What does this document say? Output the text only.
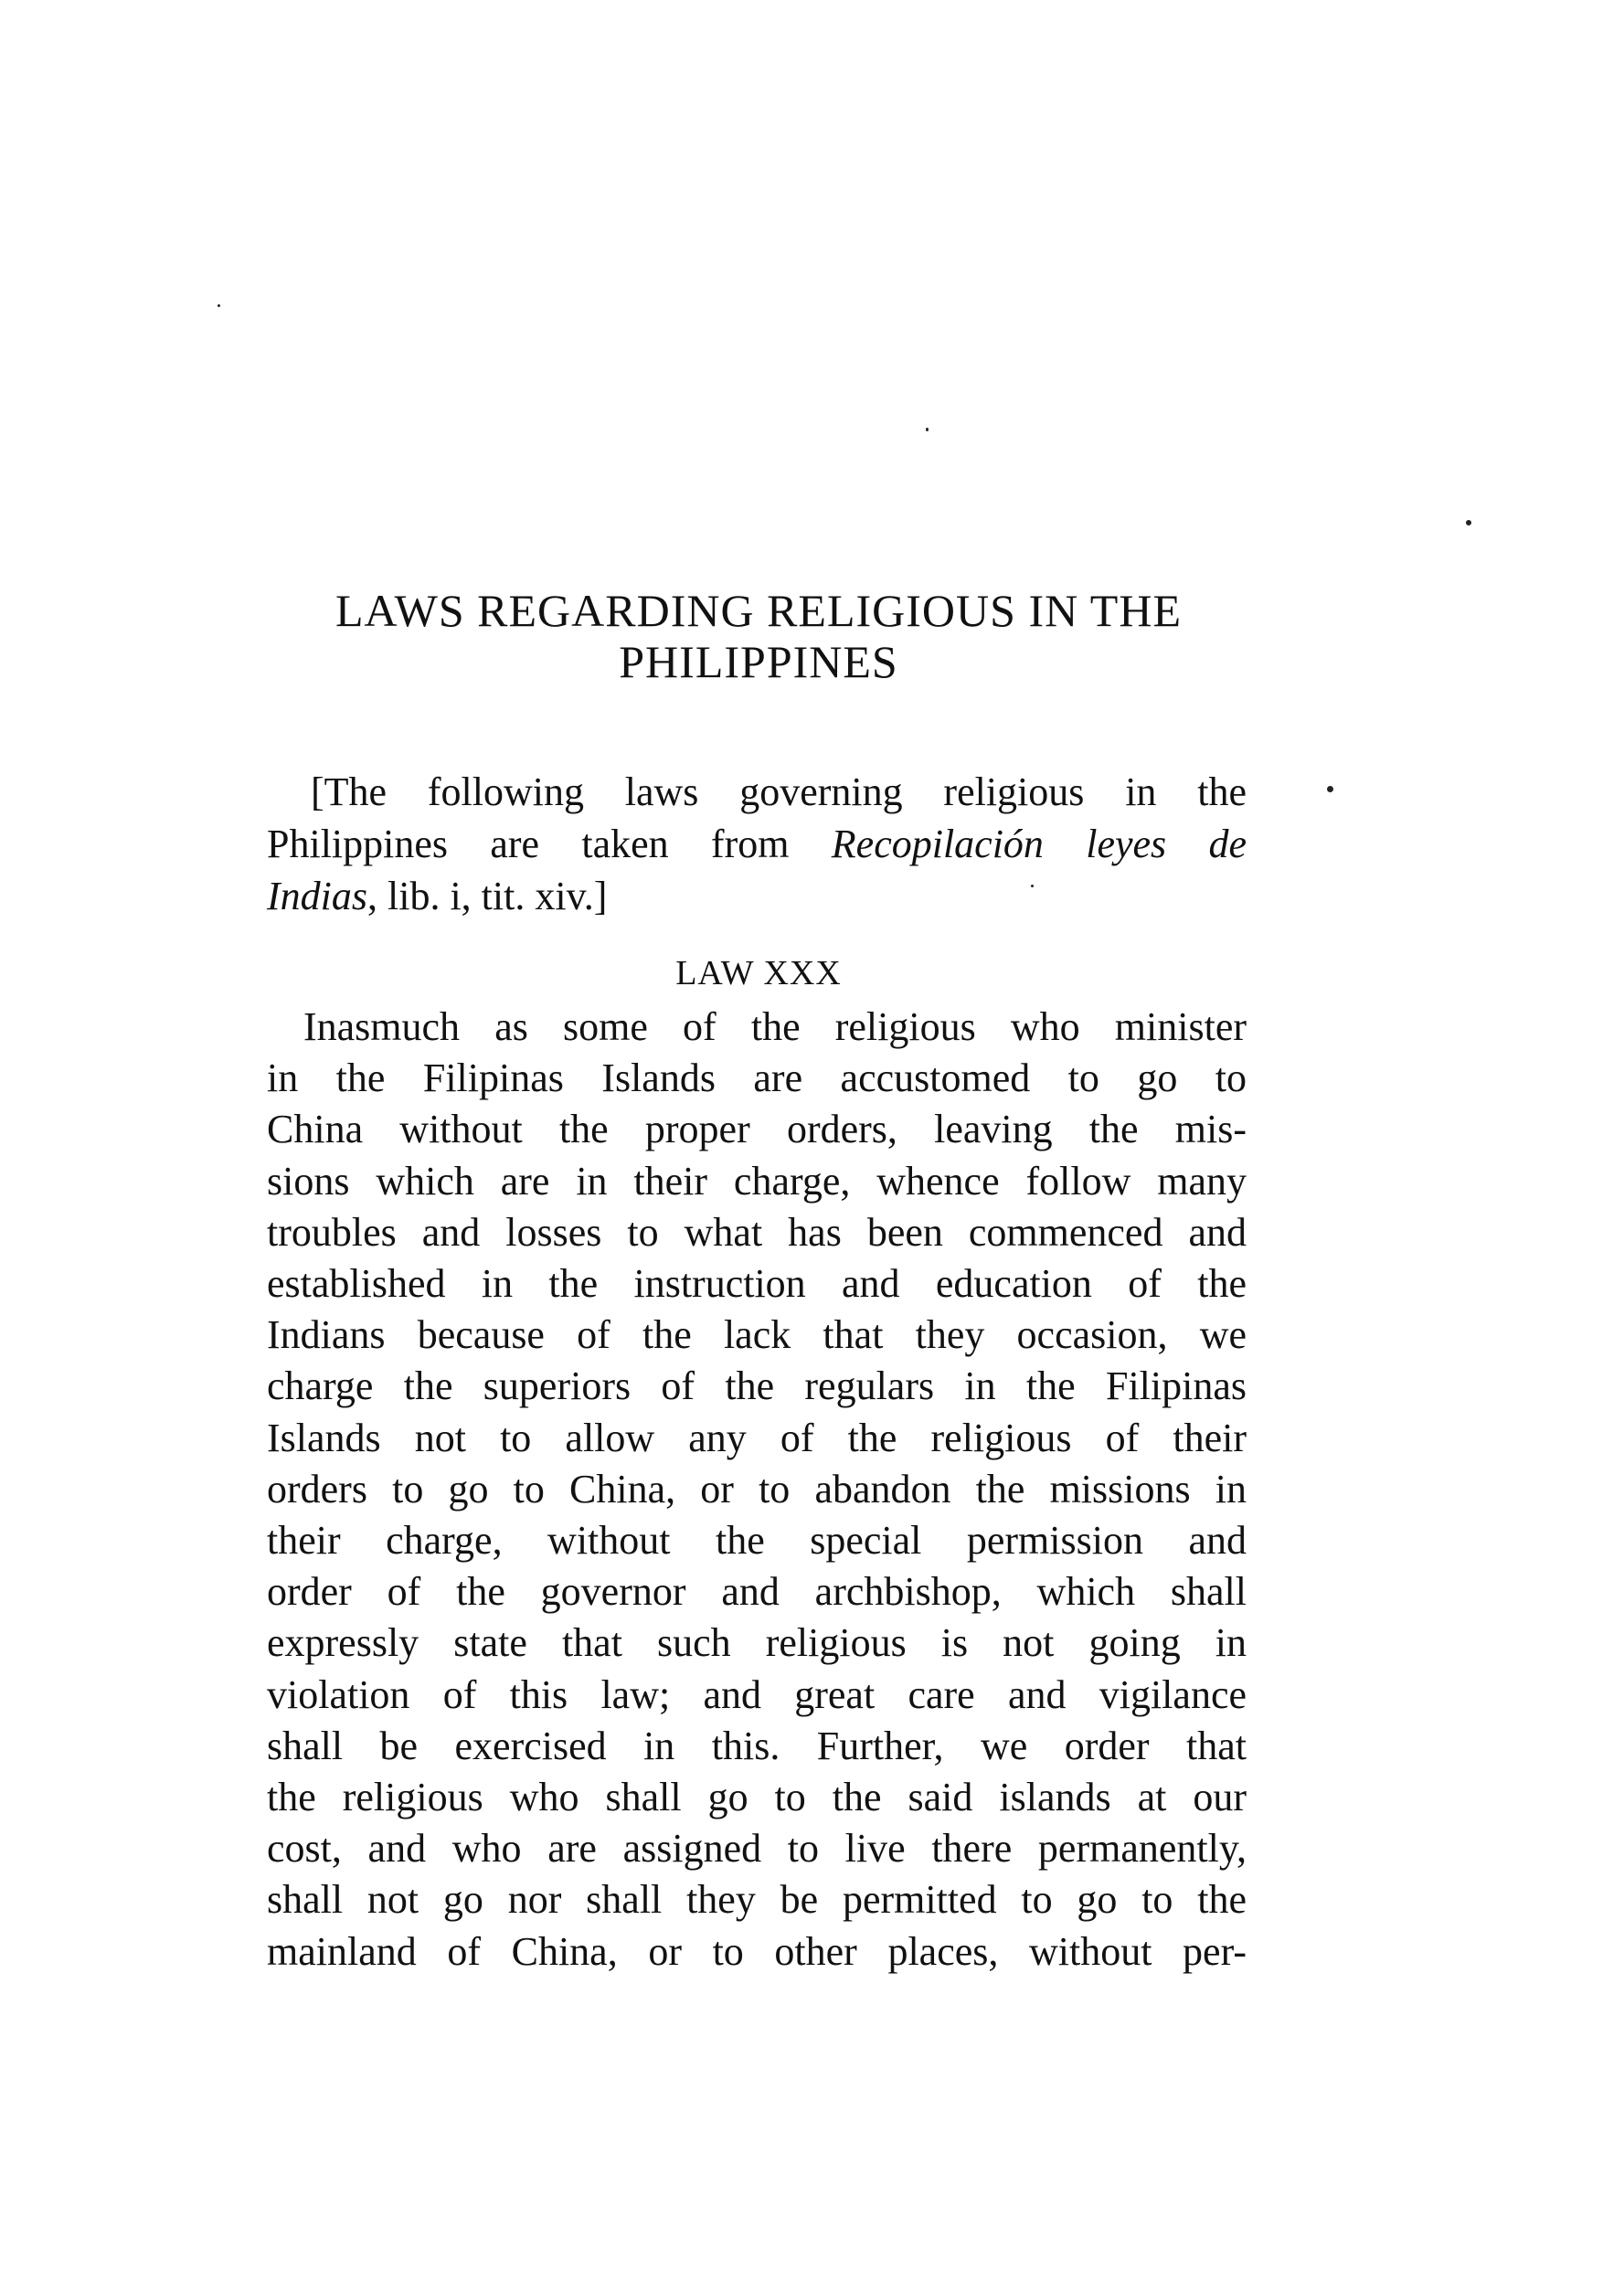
LAWS REGARDING RELIGIOUS IN THE
PHILIPPINES
[The following laws governing religious in the
Philippines are taken from Recopilación leyes de
Indias, lib. i, tit. xiv.]
LAW XXX
Inasmuch as some of the religious who minister
in the Filipinas Islands are accustomed to go to
China without the proper orders, leaving the mis-
sions which are in their charge, whence follow many
troubles and losses to what has been commenced and
established in the instruction and education of the
Indians because of the lack that they occasion, we
charge the superiors of the regulars in the Filipinas
Islands not to allow any of the religious of their
orders to go to China, or to abandon the missions in
their charge, without the special permission and
order of the governor and archbishop, which shall
expressly state that such religious is not going in
violation of this law; and great care and vigilance
shall be exercised in this. Further, we order that
the religious who shall go to the said islands at our
cost, and who are assigned to live there permanently,
shall not go nor shall they be permitted to go to the
mainland of China, or to other places, without per-
